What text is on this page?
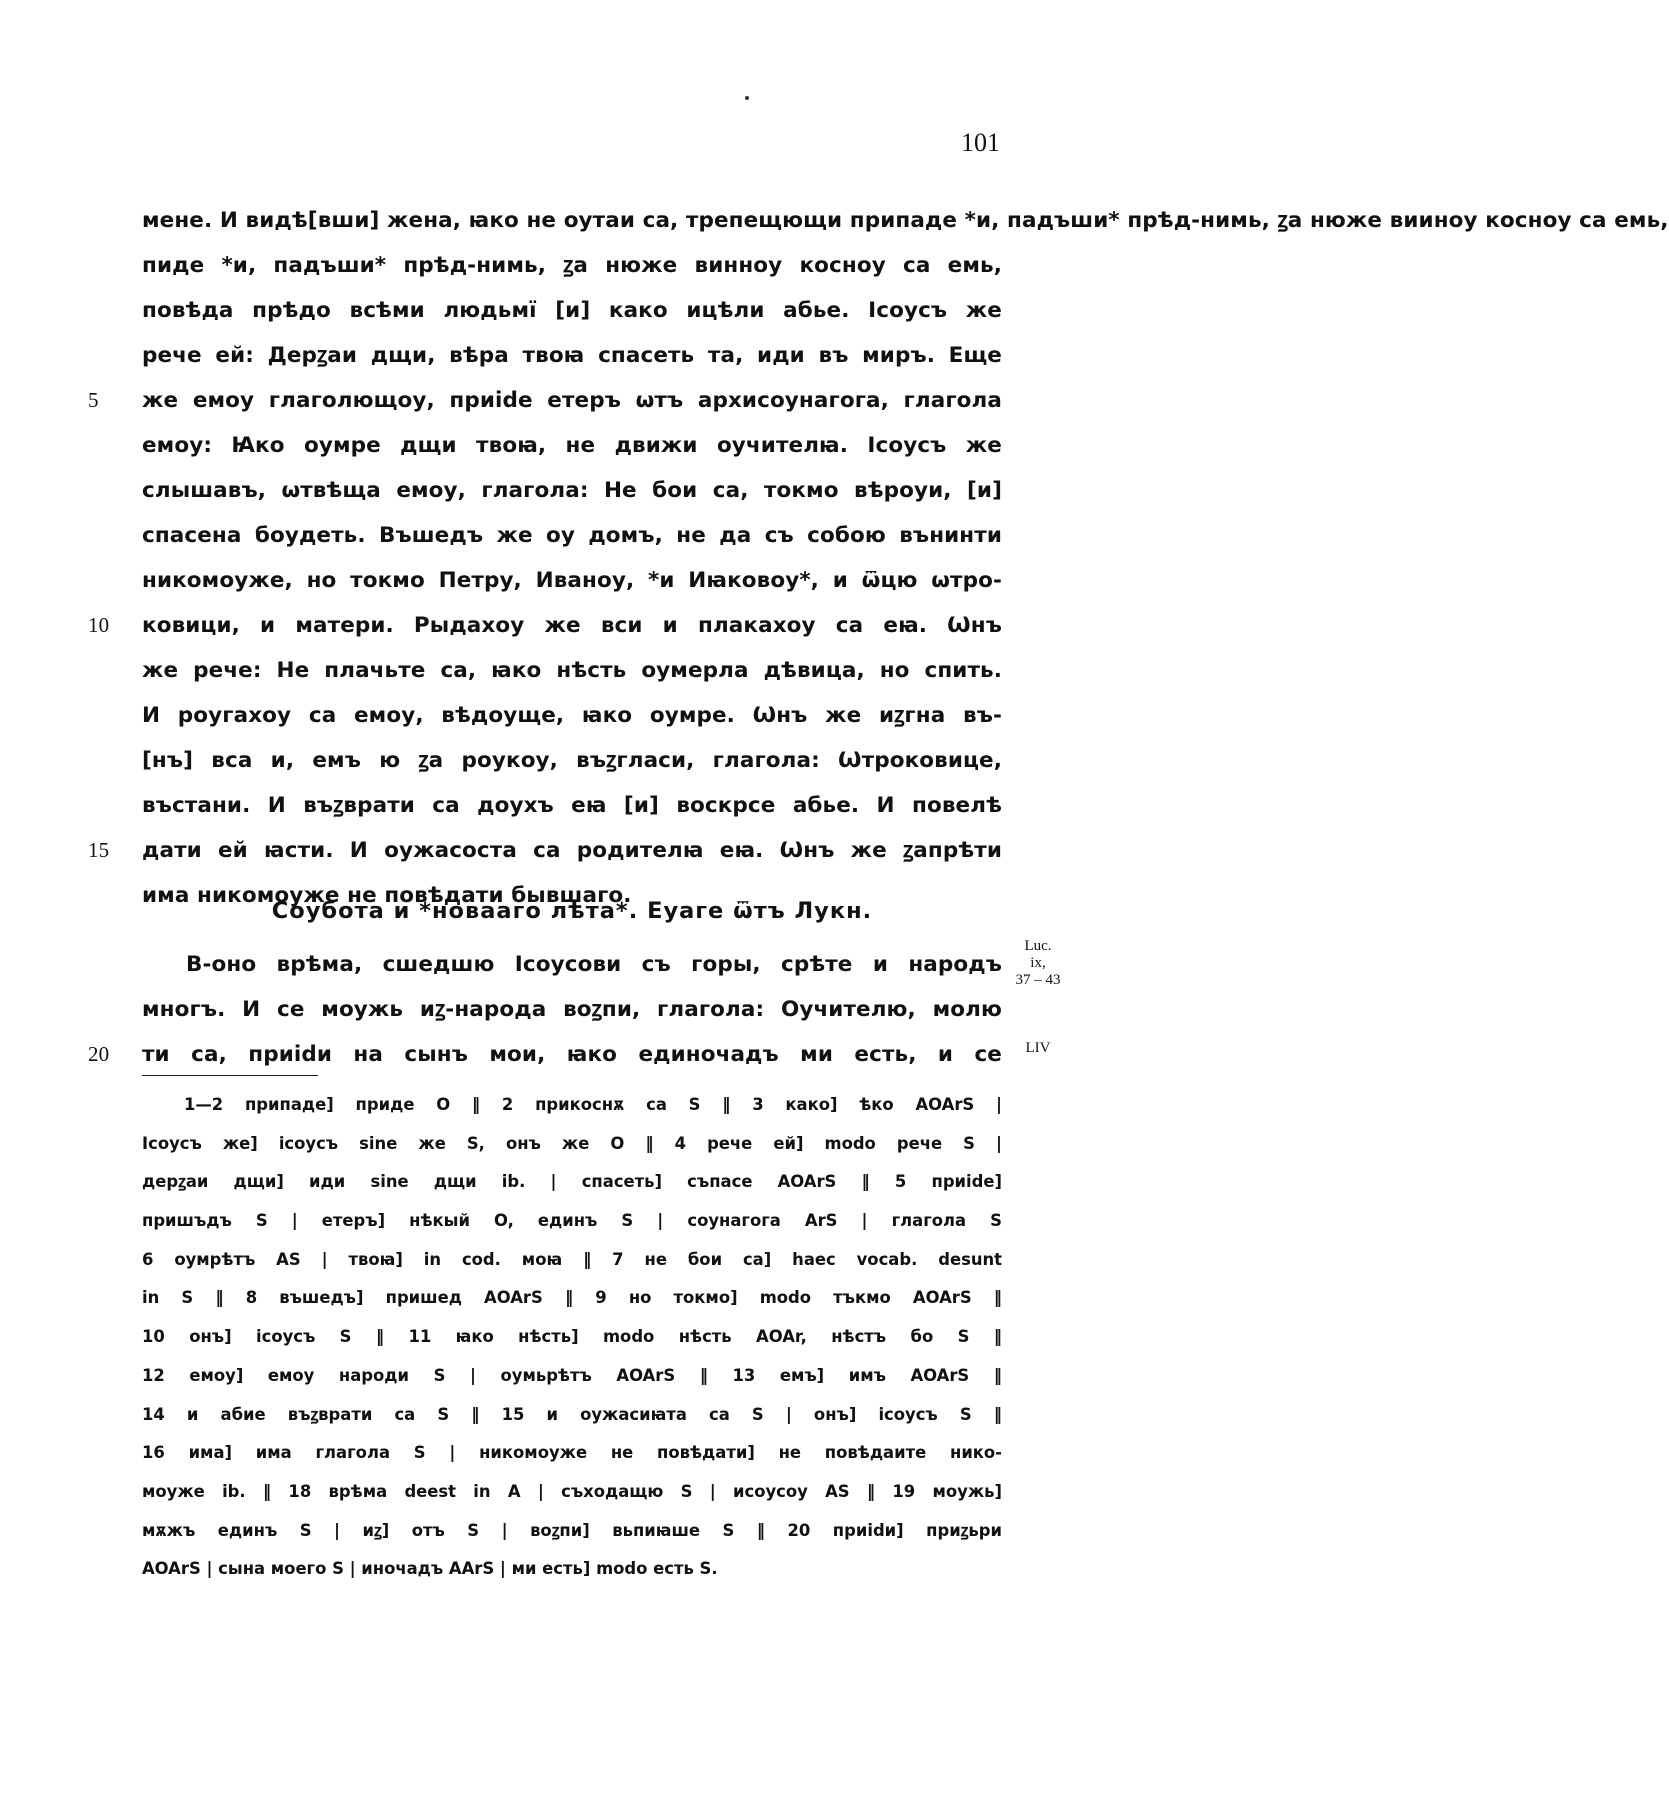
101
мене. И видѣ[вши] жена, ꙗко не оутаи са, трепещющи припаде *и, падъши* прѣд-нимь, ꙁа нюже вииноу косноу са емь,
пиде *и, падъши* прѣд-нимь, ꙁа нюже винноу косноу са емь,
повѣда прѣдо всѣми людьмї [и] како ицѣли абье. Ісоусъ же
рече ей: Дерꙁаи дщи, вѣра твоꙗ спасеть та, иди въ миръ. Еще
5	же емоу глаголющоу, приide етеръ ѡтъ архисоунагога, глагола
емоу: Ꙗко оумре дщи твоꙗ, не движи оучителꙗ. Ісоусъ же
слышавъ, ѡтвѣща емоу, глагола: Не бои са, токмо вѣроуи, [и]
спасена боудеть. Въшедъ же оу домъ, не да съ собою вънинти
никомоуже, но токмо Петру, Иваноу, *и Иꙗковоу*, и ѿцю ѡтро-
10	ковици, и матери. Рыдахоу же вси и плакахоу са еꙗ. Ѡнъ
же рече: Не плачьте са, ꙗко нѣсть оумерла дѣвица, но спить.
И роугахоу са емоу, вѣдоуще, ꙗко оумре. Ѡнъ же иꙁгна въ-
[нъ] вса и, емъ ю ꙁа роукоу, въꙁгласи, глагола: Ѡтроковице,
въстани. И въꙁврати са доухъ еꙗ [и] воскрсе абье. И повелѣ
15	дати ей ꙗсти. И оужасоста са родителꙗ еꙗ. Ѡнъ же ꙁапрѣти
има никомоуже не повѣдати бывшаго.
Соубота и *новааго лѣта*. Еуаге ѿтъ Лукн.
В-оно врѣма, сшедшю Ісоусови съ горы, срѣте и народъ
многъ. И се моужь иꙁ-народа воꙁпи, глагола: Оучителю, молю
20	ти са, приidи на сынъ мои, ꙗко единочадъ ми есть, и се
Luc.
ix,
37 – 43
LIV
1—2 припаде] приде O ‖ 2 прикоснѫ са S ‖ 3 како] ѣко AOArS |
Ісоусъ же] ісоусъ sine же S, онъ же O ‖ 4 рече ей] modo рече S |
дерꙁаи дщи] иди sine дщи ib. | спасеть] съпасе AOArS ‖ 5 приide]
пришъдъ S | етеръ] нѣкый O, единъ S | соунагога ArS | глагола S
6 оумрѣтъ AS | твоꙗ] in cod. моꙗ ‖ 7 не бои са] haec vocab. desunt
in S ‖ 8 въшедъ] пришед AOArS ‖ 9 но токмо] modo тъкмо AOArS ‖
10 онъ] ісоусъ S ‖ 11 ꙗко нѣсть] modo нѣсть AOAr, нѣстъ бо S ‖
12 емоу] емоу народи S | оумьрѣтъ AOArS ‖ 13 емъ] имъ AOArS ‖
14 и абие въꙁврати са S ‖ 15 и оужасиꙗта са S | онъ] ісоусъ S ‖
16 има] има глагола S | никомоуже не повѣдати] не повѣдаите нико-
моуже ib. ‖ 18 врѣма deest in A | съходащю S | исоусоу AS ‖ 19 моужь]
мѫжъ единъ S | иꙁ] отъ S | воꙁпи] вьпиꙗше S ‖ 20 приidи] приꙁьри
AOArS | сына моего S | иночадъ AArS | ми есть] modo есть S.
